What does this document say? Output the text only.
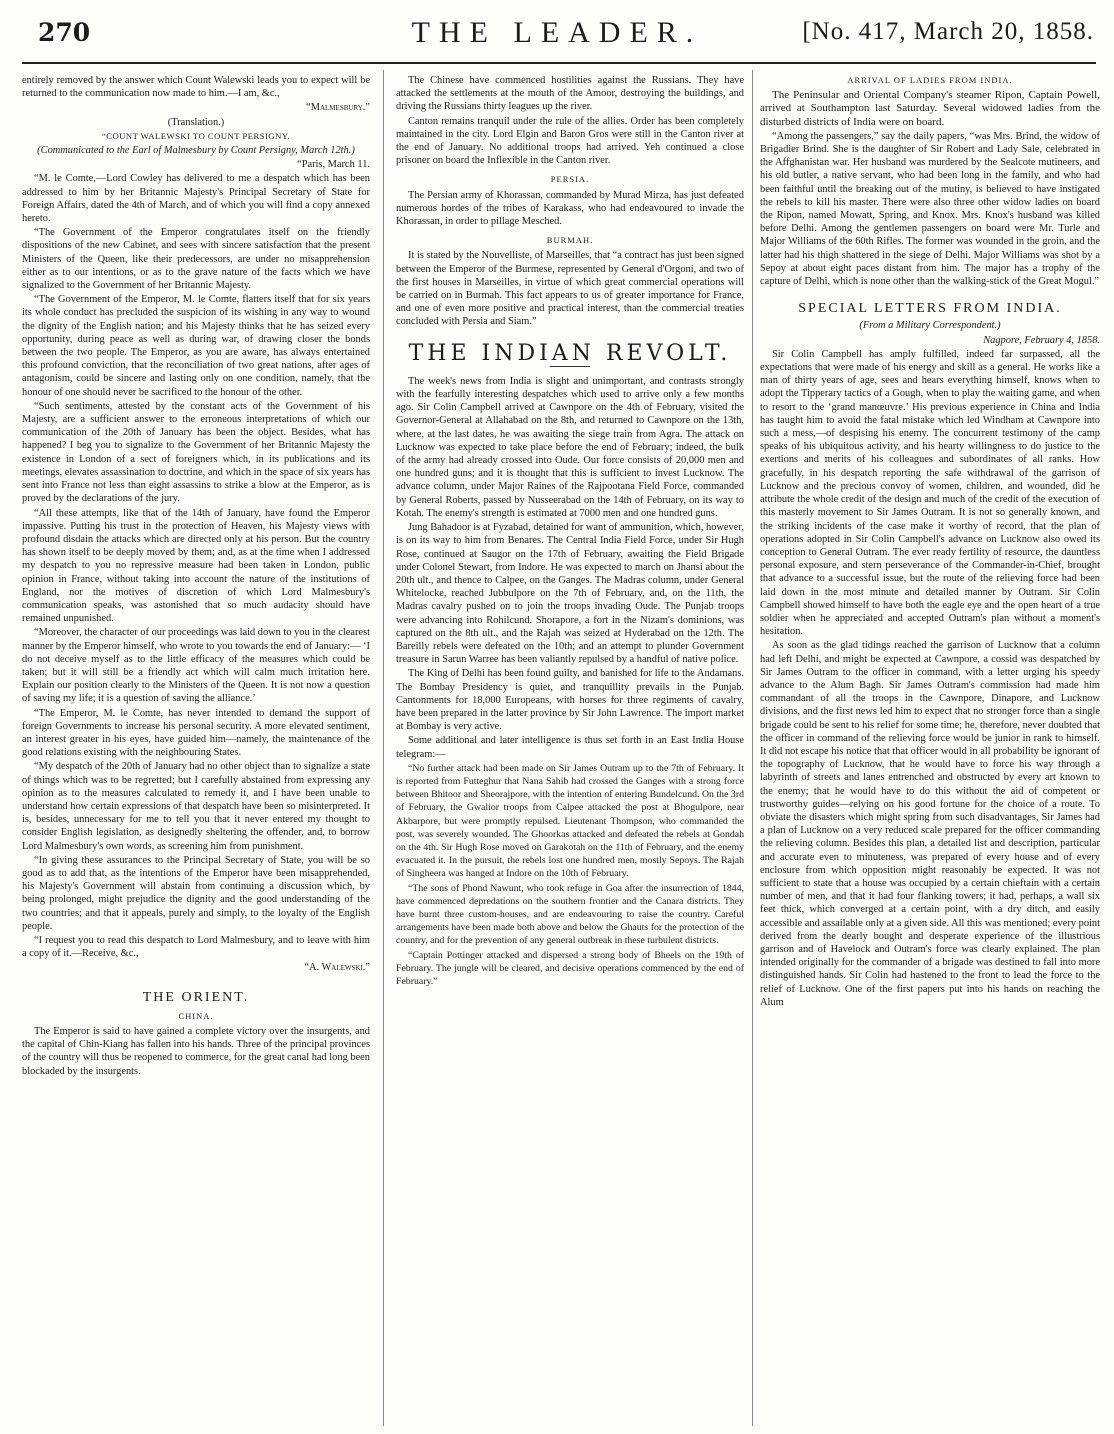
270	THE LEADER.	[No. 417, March 20, 1858.

entirely removed by the answer which Count Walewski leads you to expect will be returned to the communication now made to him.—I am, &c.,

“Malmesbury.”

(Translation.)

“COUNT WALEWSKI TO COUNT PERSIGNY.

(Communicated to the Earl of Malmesbury by Count Persigny, March 12th.)

“Paris, March 11.

“M. le Comte,—Lord Cowley has delivered to me a despatch which has been addressed to him by her Britannic Majesty's Principal Secretary of State for Foreign Affairs, dated the 4th of March, and of which you will find a copy annexed hereto.

“The Government of the Emperor congratulates itself on the friendly dispositions of the new Cabinet, and sees with sincere satisfaction that the present Ministers of the Queen, like their predecessors, are under no misapprehension either as to our intentions, or as to the grave nature of the facts which we have signalized to the Government of her Britannic Majesty.

“The Government of the Emperor, M. le Comte, flatters itself that for six years its whole conduct has precluded the suspicion of its wishing in any way to wound the dignity of the English nation; and his Majesty thinks that he has seized every opportunity, during peace as well as during war, of drawing closer the bonds between the two people. The Emperor, as you are aware, has always entertained this profound conviction, that the reconciliation of two great nations, after ages of antagonism, could be sincere and lasting only on one condition, namely, that the honour of one should never be sacrificed to the honour of the other.

“Such sentiments, attested by the constant acts of the Government of his Majesty, are a sufficient answer to the erroneous interpretations of which our communication of the 20th of January has been the object. Besides, what has happened? I beg you to signalize to the Government of her Britannic Majesty the existence in London of a sect of foreigners which, in its publications and its meetings, elevates assassination to doctrine, and which in the space of six years has sent into France not less than eight assassins to strike a blow at the Emperor, as is proved by the declarations of the jury.

“All these attempts, like that of the 14th of January, have found the Emperor impassive. Putting his trust in the protection of Heaven, his Majesty views with profound disdain the attacks which are directed only at his person. But the country has shown itself to be deeply moved by them; and, as at the time when I addressed my despatch to you no repressive measure had been taken in London, public opinion in France, without taking into account the nature of the institutions of England, nor the motives of discretion of which Lord Malmesbury's communication speaks, was astonished that so much audacity should have remained unpunished.

“Moreover, the character of our proceedings was laid down to you in the clearest manner by the Emperor himself, who wrote to you towards the end of January:— ‘I do not deceive myself as to the little efficacy of the measures which could be taken; but it will still be a friendly act which will calm much irritation here. Explain our position clearly to the Ministers of the Queen. It is not now a question of saving my life; it is a question of saving the alliance.’

“The Emperor, M. le Comte, has never intended to demand the support of foreign Governments to increase his personal security. A more elevated sentiment, an interest greater in his eyes, have guided him—namely, the maintenance of the good relations existing with the neighbouring States.

“My despatch of the 20th of January had no other object than to signalize a state of things which was to be regretted; but I carefully abstained from expressing any opinion as to the measures calculated to remedy it, and I have been unable to understand how certain expressions of that despatch have been so misinterpreted. It is, besides, unnecessary for me to tell you that it never entered my thought to consider English legislation, as designedly sheltering the offender, and, to borrow Lord Malmesbury's own words, as screening him from punishment.

“In giving these assurances to the Principal Secretary of State, you will be so good as to add that, as the intentions of the Emperor have been misapprehended, his Majesty's Government will abstain from continuing a discussion which, by being prolonged, might prejudice the dignity and the good understanding of the two countries; and that it appeals, purely and simply, to the loyalty of the English people.

“I request you to read this despatch to Lord Malmesbury, and to leave with him a copy of it.—Receive, &c.,

“A. Walewski.”

THE ORIENT.
CHINA.

The Emperor is said to have gained a complete victory over the insurgents, and the capital of Chin-Kiang has fallen into his hands. Three of the principal provinces of the country will thus be reopened to commerce, for the great canal had long been blockaded by the insurgents.

The Chinese have commenced hostilities against the Russians. They have attacked the settlements at the mouth of the Amoor, destroying the buildings, and driving the Russians thirty leagues up the river.

Canton remains tranquil under the rule of the allies. Order has been completely maintained in the city. Lord Elgin and Baron Gros were still in the Canton river at the end of January. No additional troops had arrived. Yeh continued a close prisoner on board the Inflexible in the Canton river.

PERSIA.

The Persian army of Khorassan, commanded by Murad Mirza, has just defeated numerous hordes of the tribes of Karakass, who had endeavoured to invade the Khorassan, in order to pillage Mesched.

BURMAH.

It is stated by the Nouvelliste, of Marseilles, that “a contract has just been signed between the Emperor of the Burmese, represented by General d'Orgoni, and two of the first houses in Marseilles, in virtue of which great commercial operations will be carried on in Burmah. This fact appears to us of greater importance for France, and one of even more positive and practical interest, than the commercial treaties concluded with Persia and Siam.”

THE INDIAN REVOLT.

The week's news from India is slight and unimportant, and contrasts strongly with the fearfully interesting despatches which used to arrive only a few months ago. Sir Colin Campbell arrived at Cawnpore on the 4th of February, visited the Governor-General at Allahabad on the 8th, and returned to Cawnpore on the 13th, where, at the last dates, he was awaiting the siege train from Agra. The attack on Lucknow was expected to take place before the end of February; indeed, the bulk of the army had already crossed into Oude. Our force consists of 20,000 men and one hundred guns; and it is thought that this is sufficient to invest Lucknow. The advance column, under Major Raines of the Rajpootana Field Force, commanded by General Roberts, passed by Nusseerabad on the 14th of February, on its way to Kotah. The enemy's strength is estimated at 7000 men and one hundred guns.

Jung Bahadoor is at Fyzabad, detained for want of ammunition, which, however, is on its way to him from Benares. The Central India Field Force, under Sir Hugh Rose, continued at Saugor on the 17th of February, awaiting the Field Brigade under Colonel Stewart, from Indore. He was expected to march on Jhansi about the 20th ult., and thence to Calpee, on the Ganges. The Madras column, under General Whitelocke, reached Jubbulpore on the 7th of February, and, on the 11th, the Madras cavalry pushed on to join the troops invading Oude. The Punjab troops were advancing into Rohilcund. Shorapore, a fort in the Nizam's dominions, was captured on the 8th ult., and the Rajah was seized at Hyderabad on the 12th. The Bareilly rebels were defeated on the 10th; and an attempt to plunder Government treasure in Sarun Warree has been valiantly repulsed by a handful of native police.

The King of Delhi has been found guilty, and banished for life to the Andamans. The Bombay Presidency is quiet, and tranquillity prevails in the Punjab. Cantonments for 18,000 Europeans, with horses for three regiments of cavalry, have been prepared in the latter province by Sir John Lawrence. The import market at Bombay is very active.

Some additional and later intelligence is thus set forth in an East India House telegram:—

“No further attack had been made on Sir James Outram up to the 7th of February. It is reported from Futteghur that Nana Sahib had crossed the Ganges with a strong force between Bhitoor and Sheorajpore, with the intention of entering Bundelcund. On the 3rd of February, the Gwalior troops from Calpee attacked the post at Bhogulpore, near Akbarpore, but were promptly repulsed. Lieutenant Thompson, who commanded the post, was severely wounded. The Ghoorkas attacked and defeated the rebels at Gondah on the 4th. Sir Hugh Rose moved on Garakotah on the 11th of February, and the enemy evacuated it. In the pursuit, the rebels lost one hundred men, mostly Sepoys. The Rajah of Singheera was hanged at Indore on the 10th of February.

“The sons of Phond Nawunt, who took refuge in Goa after the insurrection of 1844, have commenced depredations on the southern frontier and the Canara districts. They have burnt three custom-houses, and are endeavouring to raise the country. Careful arrangements have been made both above and below the Ghauts for the protection of the country, and for the prevention of any general outbreak in these turbulent districts.

“Captain Pottinger attacked and dispersed a strong body of Bheels on the 19th of February. The jungle will be cleared, and decisive operations commenced by the end of February.”

ARRIVAL OF LADIES FROM INDIA.

The Peninsular and Oriental Company's steamer Ripon, Captain Powell, arrived at Southampton last Saturday. Several widowed ladies from the disturbed districts of India were on board.

“Among the passengers,” say the daily papers, “was Mrs. Brind, the widow of Brigadier Brind. She is the daughter of Sir Robert and Lady Sale, celebrated in the Affghanistan war. Her husband was murdered by the Sealcote mutineers, and his old butler, a native servant, who had been long in the family, and who had been faithful until the breaking out of the mutiny, is believed to have instigated the rebels to kill his master. There were also three other widow ladies on board the Ripon, named Mowatt, Spring, and Knox. Mrs. Knox's husband was killed before Delhi. Among the gentlemen passengers on board were Mr. Turle and Major Williams of the 60th Rifles. The former was wounded in the groin, and the latter had his thigh shattered in the siege of Delhi. Major Williams was shot by a Sepoy at about eight paces distant from him. The major has a trophy of the capture of Delhi, which is none other than the walking-stick of the Great Mogul.”

SPECIAL LETTERS FROM INDIA.

(From a Military Correspondent.)

Nagpore, February 4, 1858.

Sir Colin Campbell has amply fulfilled, indeed far surpassed, all the expectations that were made of his energy and skill as a general. He works like a man of thirty years of age, sees and hears everything himself, knows when to adopt the Tipperary tactics of a Gough, when to play the waiting game, and when to resort to the ‘grand manœuvre.’ His previous experience in China and India has taught him to avoid the fatal mistake which led Windham at Cawnpore into such a mess,—of despising his enemy. The concurrent testimony of the camp speaks of his ubiquitous activity, and his hearty willingness to do justice to the exertions and merits of his colleagues and subordinates of all ranks. How gracefully, in his despatch reporting the safe withdrawal of the garrison of Lucknow and the precious convoy of women, children, and wounded, did he attribute the whole credit of the design and much of the credit of the execution of this masterly movement to Sir James Outram. It is not so generally known, and the striking incidents of the case make it worthy of record, that the plan of operations adopted in Sir Colin Campbell's advance on Lucknow also owed its conception to General Outram. The ever ready fertility of resource, the dauntless personal exposure, and stern perseverance of the Commander-in-Chief, brought that advance to a successful issue, but the route of the relieving force had been laid down in the most minute and detailed manner by Outram. Sir Colin Campbell showed himself to have both the eagle eye and the open heart of a true soldier when he appreciated and accepted Outram's plan without a moment's hesitation.

As soon as the glad tidings reached the garrison of Lucknow that a column had left Delhi, and might be expected at Cawnpore, a cossid was despatched by Sir James Outram to the officer in command, with a letter urging his speedy advance to the Alum Bagh. Sir James Outram's commission had made him commandant of all the troops in the Cawnpore, Dinapore, and Lucknow divisions, and the first news led him to expect that no stronger force than a single brigade could be sent to his relief for some time; he, therefore, never doubted that the officer in command of the relieving force would be junior in rank to himself. It did not escape his notice that that officer would in all probability be ignorant of the topography of Lucknow, that he would have to force his way through a labyrinth of streets and lanes entrenched and obstructed by every art known to the enemy; that he would have to do this without the aid of competent or trustworthy guides—relying on his good fortune for the choice of a route. To obviate the disasters which might spring from such disadvantages, Sir James had a plan of Lucknow on a very reduced scale prepared for the officer commanding the relieving column. Besides this plan, a detailed list and description, particular and accurate even to minuteness, was prepared of every house and of every enclosure from which opposition might reasonably be expected. It was not sufficient to state that a house was occupied by a certain chieftain with a certain number of men, and that it had four flanking towers; it had, perhaps, a wall six feet thick, which converged at a certain point, with a dry ditch, and easily accessible and assailable only at a given side. All this was mentioned; every point derived from the dearly bought and desperate experience of the illustrious garrison and of Havelock and Outram's force was clearly explained. The plan intended originally for the commander of a brigade was destined to fall into more distinguished hands. Sir Colin had hastened to the front to lead the force to the relief of Lucknow. One of the first papers put into his hands on reaching the Alum
